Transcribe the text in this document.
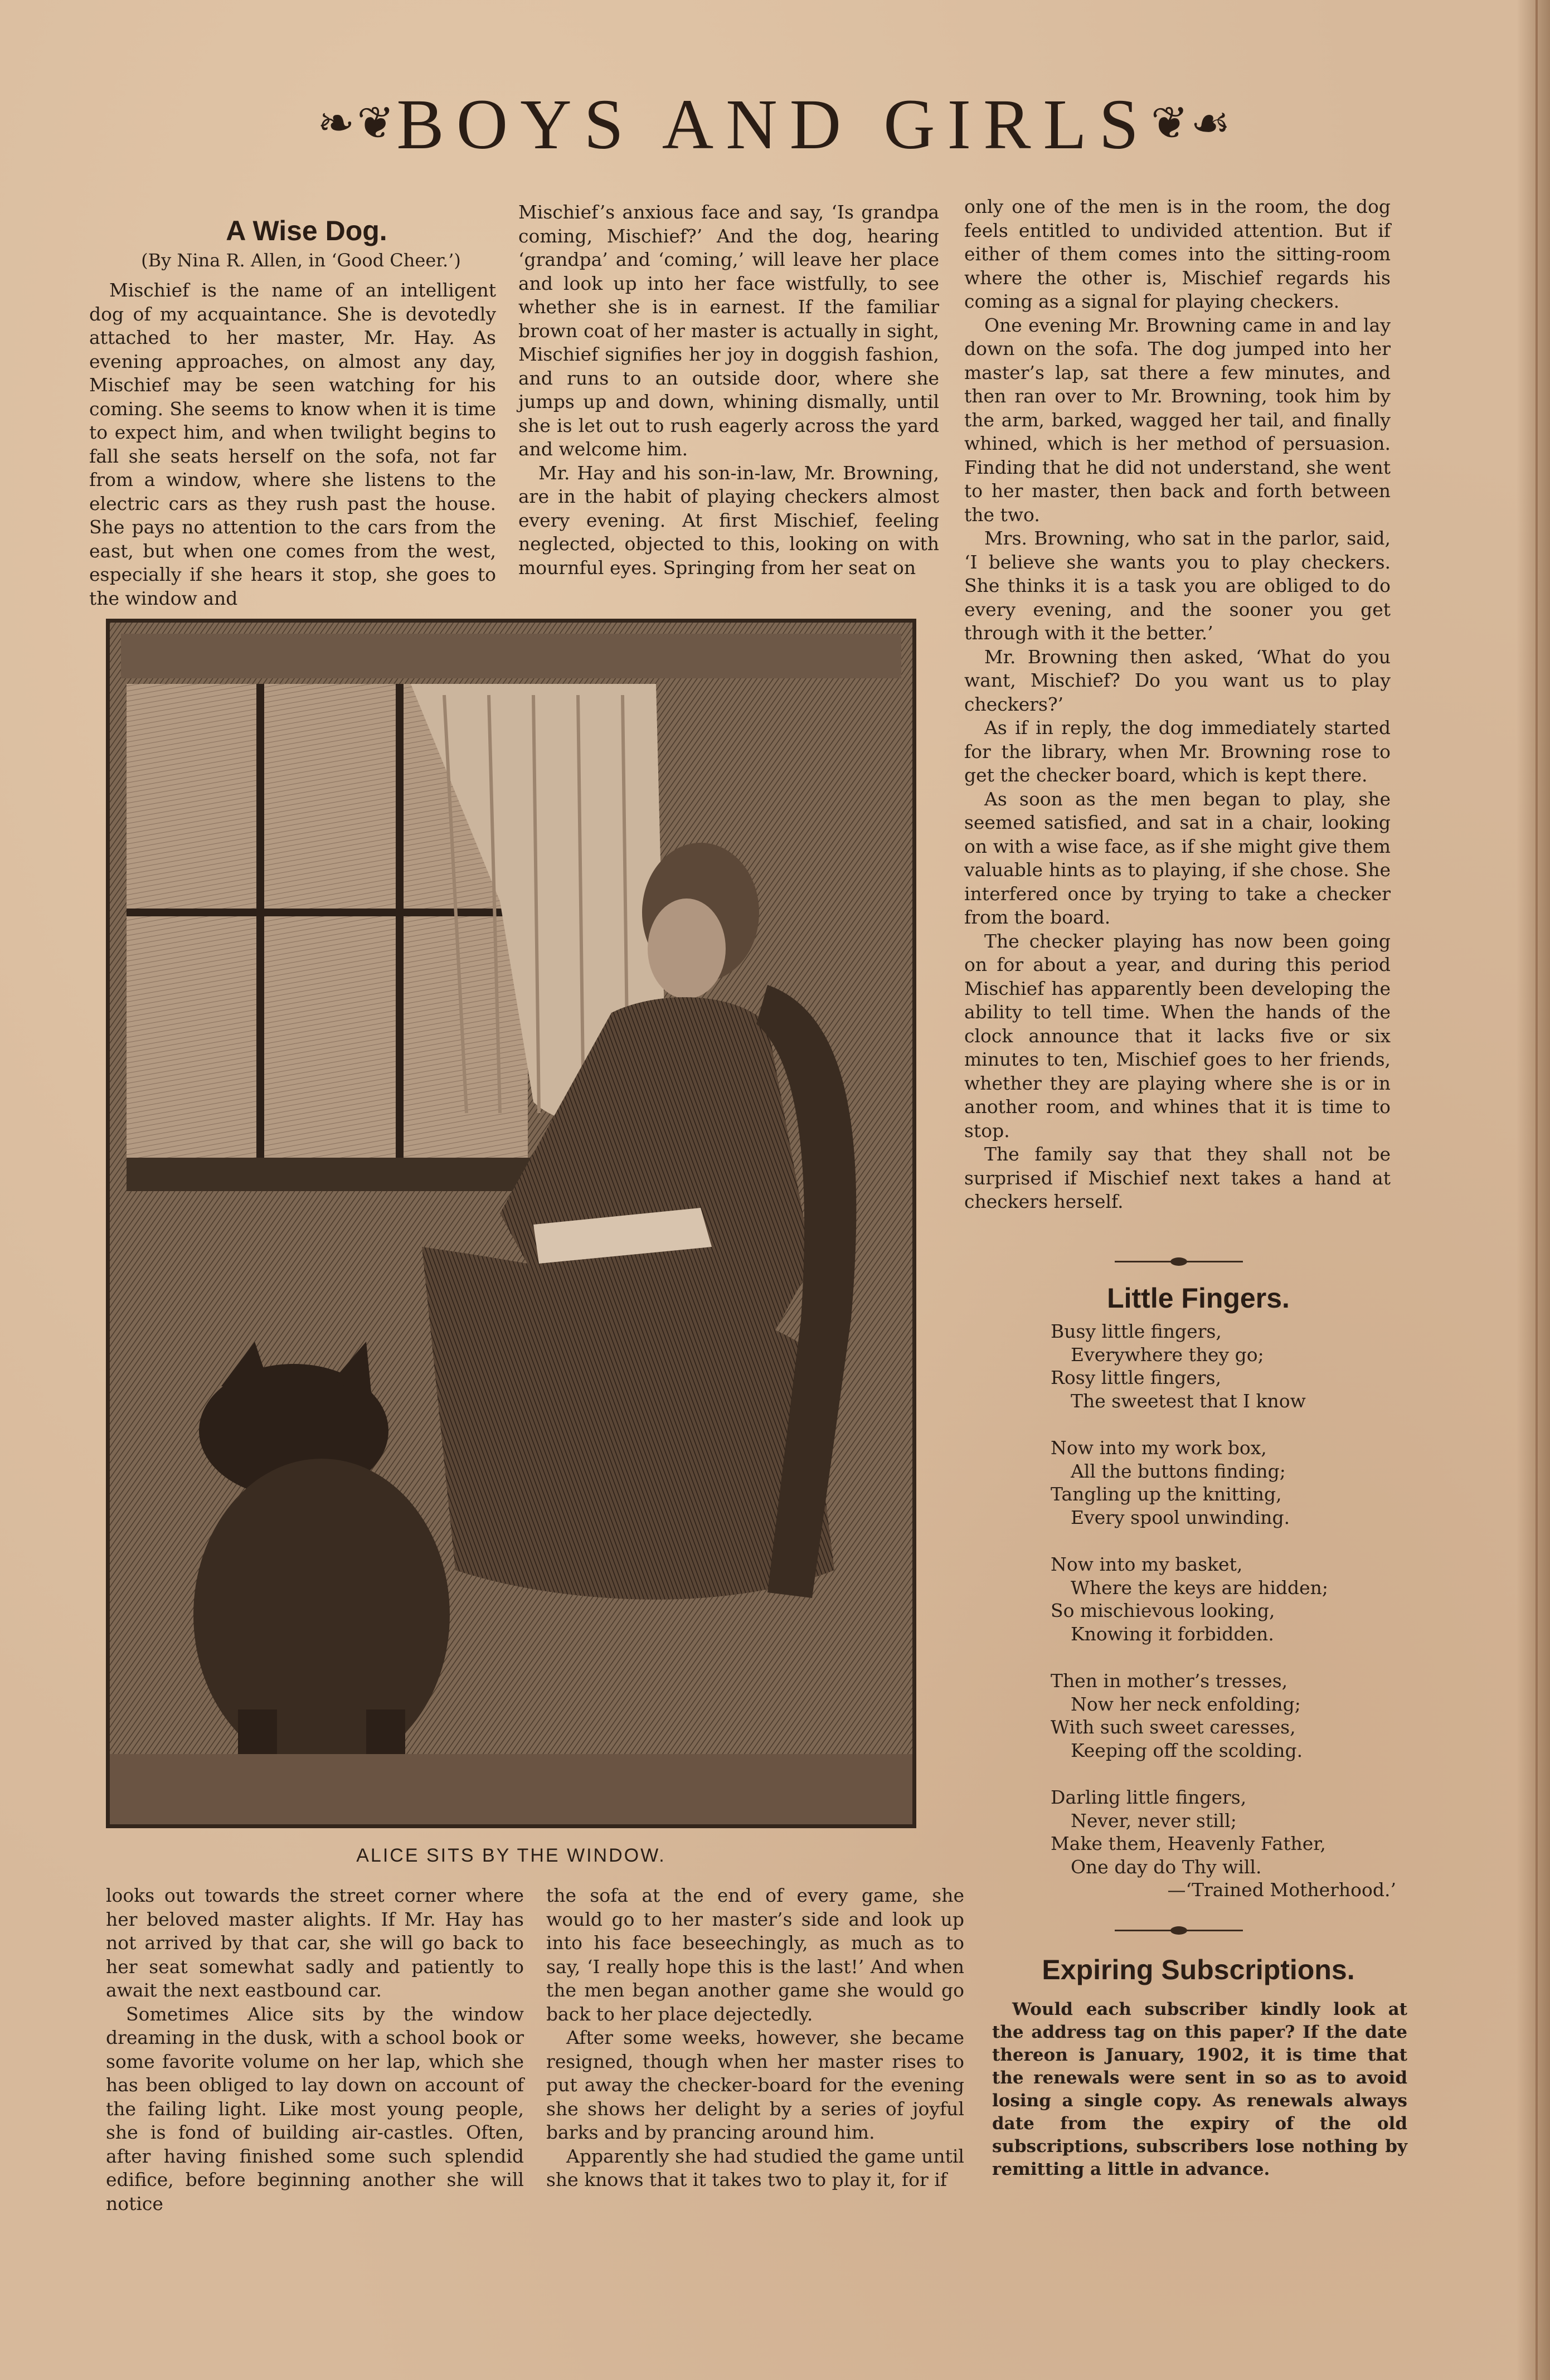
❧❦BOYS AND GIRLS❦☙
A Wise Dog.
(By Nina R. Allen, in ‘Good Cheer.’)

Mischief is the name of an intelligent dog of my acquaintance. She is devotedly attached to her master, Mr. Hay. As evening approaches, on almost any day, Mischief may be seen watching for his coming. She seems to know when it is time to expect him, and when twilight begins to fall she seats herself on the sofa, not far from a window, where she listens to the electric cars as they rush past the house. She pays no attention to the cars from the east, but when one comes from the west, especially if she hears it stop, she goes to the window and

Mischief’s anxious face and say, ‘Is grandpa coming, Mischief?’ And the dog, hearing ‘grandpa’ and ‘coming,’ will leave her place and look up into her face wistfully, to see whether she is in earnest. If the familiar brown coat of her master is actually in sight, Mischief signifies her joy in doggish fashion, and runs to an outside door, where she jumps up and down, whining dismally, until she is let out to rush eagerly across the yard and welcome him.

Mr. Hay and his son-in-law, Mr. Browning, are in the habit of playing checkers almost every evening. At first Mischief, feeling neglected, objected to this, looking on with mournful eyes. Springing from her seat on

only one of the men is in the room, the dog feels entitled to undivided attention. But if either of them comes into the sitting-room where the other is, Mischief regards his coming as a signal for playing checkers.

One evening Mr. Browning came in and lay down on the sofa. The dog jumped into her master’s lap, sat there a few minutes, and then ran over to Mr. Browning, took him by the arm, barked, wagged her tail, and finally whined, which is her method of persuasion. Finding that he did not understand, she went to her master, then back and forth between the two.

Mrs. Browning, who sat in the parlor, said, ‘I believe she wants you to play checkers. She thinks it is a task you are obliged to do every evening, and the sooner you get through with it the better.’

Mr. Browning then asked, ‘What do you want, Mischief? Do you want us to play checkers?’

As if in reply, the dog immediately started for the library, when Mr. Browning rose to get the checker board, which is kept there.

As soon as the men began to play, she seemed satisfied, and sat in a chair, looking on with a wise face, as if she might give them valuable hints as to playing, if she chose. She interfered once by trying to take a checker from the board.

The checker playing has now been going on for about a year, and during this period Mischief has apparently been developing the ability to tell time. When the hands of the clock announce that it lacks five or six minutes to ten, Mischief goes to her friends, whether they are playing where she is or in another room, and whines that it is time to stop.

The family say that they shall not be surprised if Mischief next takes a hand at checkers herself.

ALICE SITS BY THE WINDOW.

looks out towards the street corner where her beloved master alights. If Mr. Hay has not arrived by that car, she will go back to her seat somewhat sadly and patiently to await the next eastbound car.

Sometimes Alice sits by the window dreaming in the dusk, with a school book or some favorite volume on her lap, which she has been obliged to lay down on account of the failing light. Like most young people, she is fond of building air-castles. Often, after having finished some such splendid edifice, before beginning another she will notice

the sofa at the end of every game, she would go to her master’s side and look up into his face beseechingly, as much as to say, ‘I really hope this is the last!’ And when the men began another game she would go back to her place dejectedly.

After some weeks, however, she became resigned, though when her master rises to put away the checker-board for the evening she shows her delight by a series of joyful barks and by prancing around him.

Apparently she had studied the game until she knows that it takes two to play it, for if

Little Fingers.
Busy little fingers,
Everywhere they go;
Rosy little fingers,
The sweetest that I know
Now into my work box,
All the buttons finding;
Tangling up the knitting,
Every spool unwinding.
Now into my basket,
Where the keys are hidden;
So mischievous looking,
Knowing it forbidden.
Then in mother’s tresses,
Now her neck enfolding;
With such sweet caresses,
Keeping off the scolding.
Darling little fingers,
Never, never still;
Make them, Heavenly Father,
One day do Thy will.
—‘Trained Motherhood.’
Expiring Subscriptions.

Would each subscriber kindly look at the address tag on this paper? If the date thereon is January, 1902, it is time that the renewals were sent in so as to avoid losing a single copy. As renewals always date from the expiry of the old subscriptions, subscribers lose nothing by remitting a little in advance.
